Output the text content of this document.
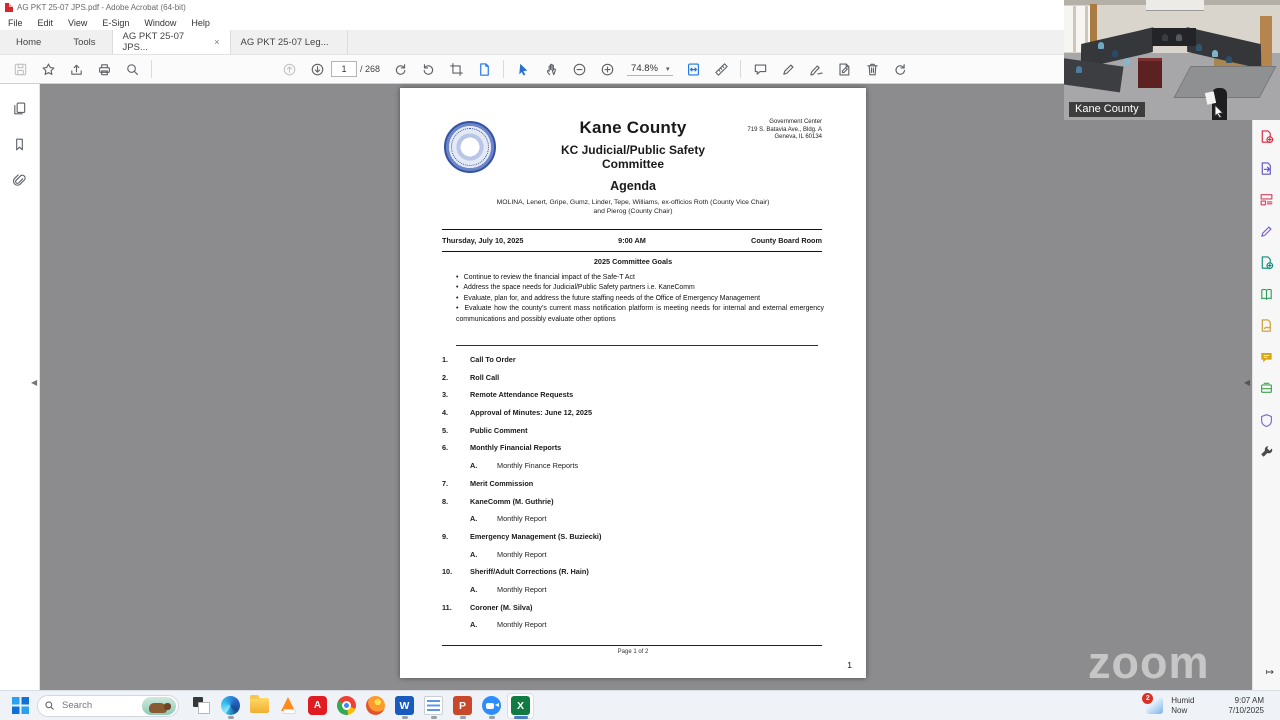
AG PKT 25-07 JPS.pdf - Adobe Acrobat (64-bit)
File Edit View E-Sign Window Help
Home	Tools	AG PKT 25-07 JPS...	× AG PKT 25-07 Leg...
1
/ 268	74.8% ▾
◀
Kane County
KC Judicial/Public Safety
Committee
Agenda
MOLINA, Lenert, Gripe, Gumz, Linder, Tepe, Williams, ex-officios Roth (County Vice Chair)
and Pierog (County Chair)
Government Center
719 S. Batavia Ave., Bldg. A
Geneva, IL 60134
Thursday, July 10, 2025	9:00 AM	County Board Room
2025 Committee Goals
•  Continue to review the financial impact of the Safe-T Act
•  Address the space needs for Judicial/Public Safety partners i.e. KaneComm
•  Evaluate, plan for, and address the future staffing needs of the Office of Emergency Management
•  Evaluate how the county’s current mass notification platform is meeting needs for internal and external emergency communications and possibly evaluate other options
1.	Call To Order
2.	Roll Call
3.	Remote Attendance Requests
4.	Approval of Minutes: June 12, 2025
5.	Public Comment
6.	Monthly Financial Reports
A.	Monthly Finance Reports
7.	Merit Commission
8.	KaneComm (M. Guthrie)
A.	Monthly Report
9.	Emergency Management (S. Buziecki)
A.	Monthly Report
10. Sheriff/Adult Corrections (R. Hain)
A.	Monthly Report
11.	Coroner (M. Silva)
A.	Monthly Report
Page 1 of 2
1	zoom
◀
↦
Kane County
Search
A	W	P	X
2	Humid
Now
9:07 AM
7/10/2025
